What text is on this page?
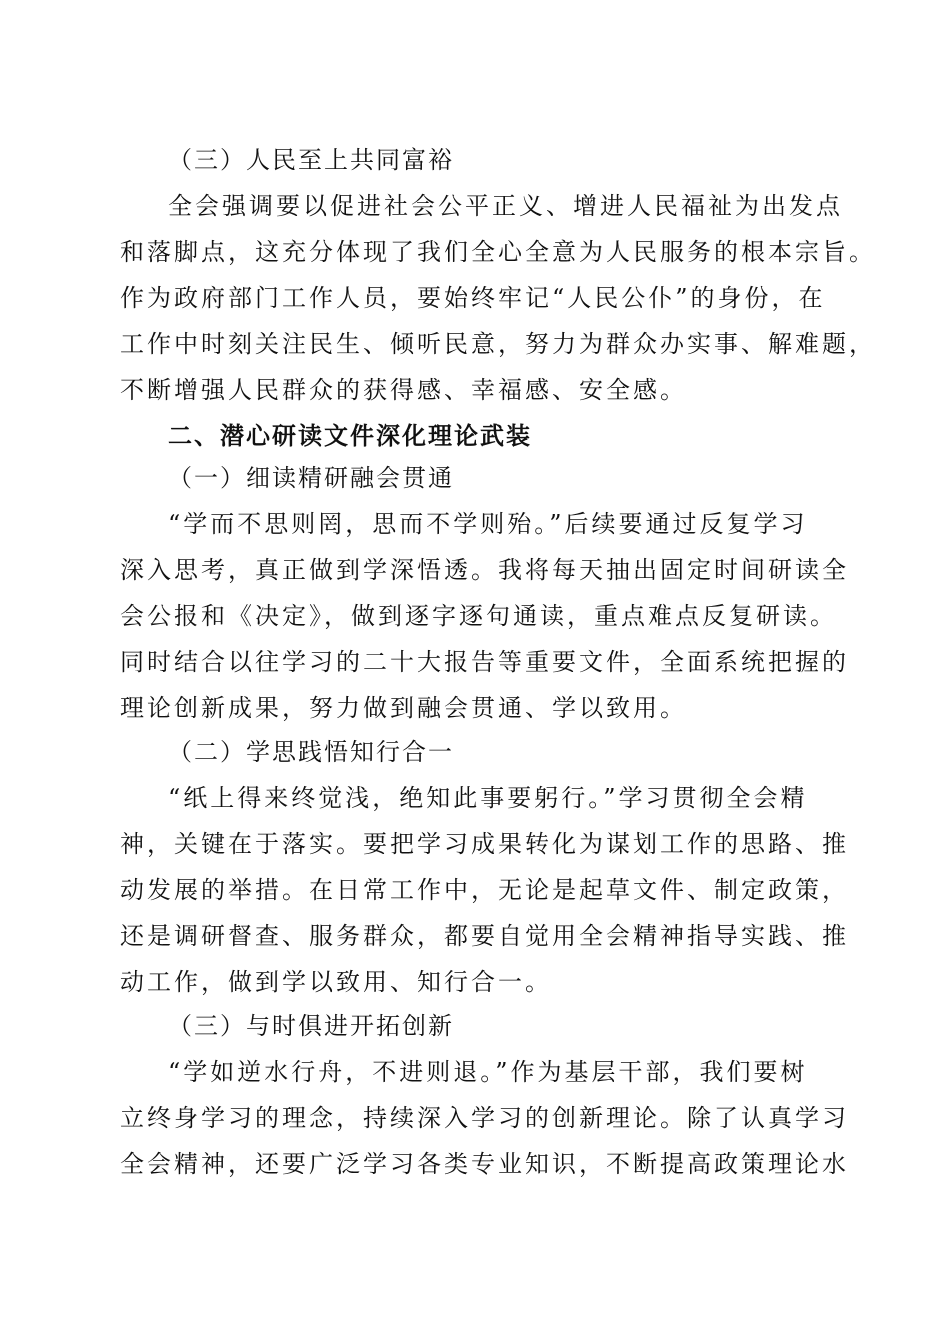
（三）人民至上共同富裕
全会强调要以促进社会公平正义、增进人民福祉为出发点
和落脚点，这充分体现了我们全心全意为人民服务的根本宗旨。
作为政府部门工作人员，要始终牢记“人民公仆”的身份，在
工作中时刻关注民生、倾听民意，努力为群众办实事、解难题，
不断增强人民群众的获得感、幸福感、安全感。
二、潜心研读文件深化理论武装
（一）细读精研融会贯通
“学而不思则罔，思而不学则殆。”后续要通过反复学习
深入思考，真正做到学深悟透。我将每天抽出固定时间研读全
会公报和《决定》，做到逐字逐句通读，重点难点反复研读。
同时结合以往学习的二十大报告等重要文件，全面系统把握的
理论创新成果，努力做到融会贯通、学以致用。
（二）学思践悟知行合一
“纸上得来终觉浅，绝知此事要躬行。”学习贯彻全会精
神，关键在于落实。要把学习成果转化为谋划工作的思路、推
动发展的举措。在日常工作中，无论是起草文件、制定政策，
还是调研督查、服务群众，都要自觉用全会精神指导实践、推
动工作，做到学以致用、知行合一。
（三）与时俱进开拓创新
“学如逆水行舟，不进则退。”作为基层干部，我们要树
立终身学习的理念，持续深入学习的创新理论。除了认真学习
全会精神，还要广泛学习各类专业知识，不断提高政策理论水
